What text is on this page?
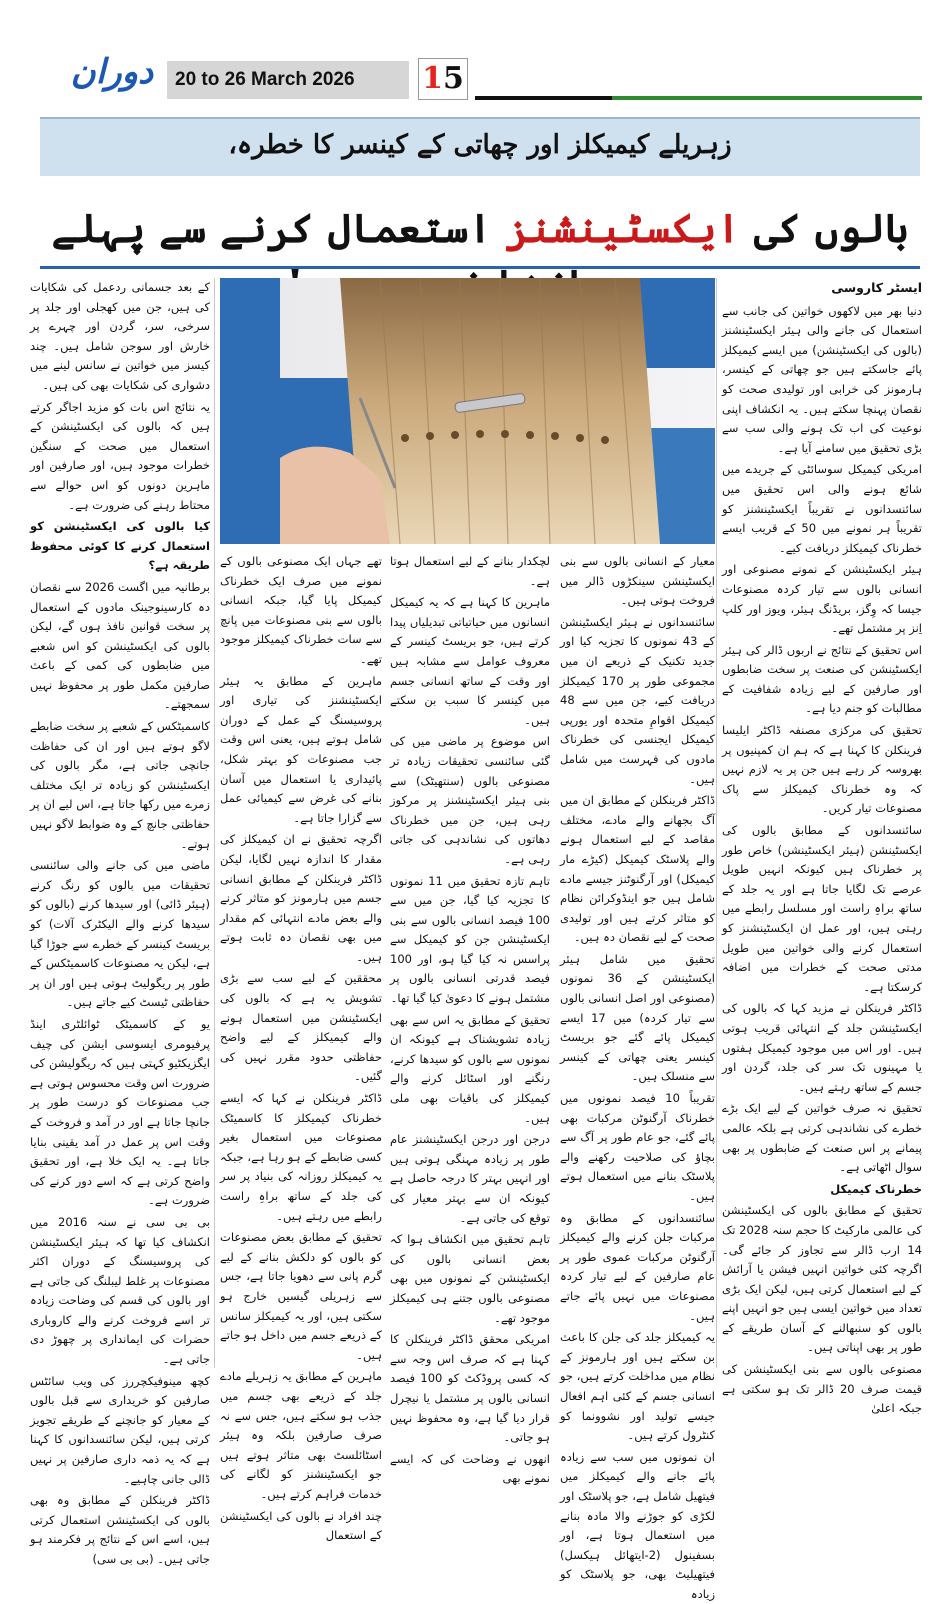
دوران	20 to 26 March 2026	15
زہریلے کیمیکلز اور چھاتی کے کینسر کا خطرہ،
بالوں کی ایکسٹینشنز استعمال کرنے سے پہلے
ایسٹر کاروسی

دنیا بھر میں لاکھوں خواتین کی جانب سے استعمال کی جانے والی ہیئر ایکسٹینشنز (بالوں کی ایکسٹینشن) میں ایسے کیمیکلز پائے جاسکتے ہیں جو چھاتی کے کینسر، ہارمونز کی خرابی اور تولیدی صحت کو نقصان پہنچا سکتے ہیں۔ یہ انکشاف اپنی نوعیت کی اب تک ہونے والی سب سے بڑی تحقیق میں سامنے آیا ہے۔

امریکی کیمیکل سوسائٹی کے جریدے میں شائع ہونے والی اس تحقیق میں سائنسدانوں نے تقریباً ایکسٹینشنز کو تقریباً ہر نمونے میں 50 کے قریب ایسے خطرناک کیمیکلز دریافت کیے۔

ہیئر ایکسٹینشن کے نمونے مصنوعی اور انسانی بالوں سے تیار کردہ مصنوعات جیسا کہ وِگز، بریڈنگ ہیئر، ویوز اور کلپ اِنز پر مشتمل تھے۔

اس تحقیق کے نتائج نے اربوں ڈالر کی ہیئر ایکسٹینشن کی صنعت پر سخت ضابطوں اور صارفین کے لیے زیادہ شفافیت کے مطالبات کو جنم دیا ہے۔

تحقیق کی مرکزی مصنفہ ڈاکٹر ایلیسا فرینکلن کا کہنا ہے کہ ہم ان کمپنیوں پر بھروسہ کر رہے ہیں جن پر یہ لازم نہیں کہ وہ خطرناک کیمیکلز سے پاک مصنوعات تیار کریں۔

سائنسدانوں کے مطابق بالوں کی ایکسٹینشن (ہیئر ایکسٹینشن) خاص طور پر خطرناک ہیں کیونکہ انہیں طویل عرصے تک لگایا جاتا ہے اور یہ جلد کے ساتھ براہِ راست اور مسلسل رابطے میں رہتی ہیں، اور عمل ان ایکسٹینشنز کو استعمال کرنے والی خواتین میں طویل مدتی صحت کے خطرات میں اضافہ کرسکتا ہے۔

ڈاکٹر فرینکلن نے مزید کہا کہ بالوں کی ایکسٹینشن جلد کے انتہائی قریب ہوتی ہیں۔ اور اس میں موجود کیمیکل ہفتوں یا مہینوں تک سر کی جلد، گردن اور جسم کے ساتھ رہتے ہیں۔

تحقیق نہ صرف خواتین کے لیے ایک بڑے خطرے کی نشاندہی کرتی ہے بلکہ عالمی پیمانے پر اس صنعت کے ضابطوں پر بھی سوال اٹھاتی ہے۔

خطرناک کیمیکل

تحقیق کے مطابق بالوں کی ایکسٹینشن کی عالمی مارکیٹ کا حجم سنہ 2028 تک 14 ارب ڈالر سے تجاوز کر جائے گی۔ اگرچہ کئی خواتین انہیں فیشن یا آرائش کے لیے استعمال کرتی ہیں، لیکن ایک بڑی تعداد میں خواتین ایسی ہیں جو انہیں اپنے بالوں کو سنبھالنے کے آسان طریقے کے طور پر بھی اپناتی ہیں۔

مصنوعی بالوں سے بنی ایکسٹینشن کی قیمت صرف 20 ڈالر تک ہو سکتی ہے جبکہ اعلیٰ

معیار کے انسانی بالوں سے بنی ایکسٹینشن سینکڑوں ڈالر میں فروخت ہوتی ہیں۔

سائنسدانوں نے ہیئر ایکسٹینشن کے 43 نمونوں کا تجزیہ کیا اور جدید تکنیک کے ذریعے ان میں مجموعی طور پر 170 کیمیکلز دریافت کیے، جن میں سے 48 کیمیکل اقوامِ متحدہ اور یورپی کیمیکل ایجنسی کی خطرناک مادوں کی فہرست میں شامل ہیں۔

ڈاکٹر فرینکلن کے مطابق ان میں آگ بجھانے والے مادے، مختلف مقاصد کے لیے استعمال ہونے والے پلاسٹک کیمیکل (کیڑے مار کیمیکل) اور آرگنوٹنز جیسے مادے شامل ہیں جو اینڈوکرائن نظام کو متاثر کرتے ہیں اور تولیدی صحت کے لیے نقصان دہ ہیں۔

تحقیق میں شامل ہیئر ایکسٹینشن کے 36 نمونوں (مصنوعی اور اصل انسانی بالوں سے تیار کردہ) میں 17 ایسے کیمیکل پائے گئے جو بریسٹ کینسر یعنی چھاتی کے کینسر سے منسلک ہیں۔

تقریباً 10 فیصد نمونوں میں خطرناک آرگنوٹن مرکبات بھی پائے گئے، جو عام طور پر آگ سے بچاؤ کی صلاحیت رکھنے والے پلاسٹک بنانے میں استعمال ہوتے ہیں۔

سائنسدانوں کے مطابق وہ مرکبات جلن کرنے والے کیمیکلز آرگنوٹن مرکبات عموی طور پر عام صارفین کے لیے تیار کردہ مصنوعات میں نہیں پائے جاتے ہیں۔

یہ کیمیکلز جلد کی جلن کا باعث بن سکتے ہیں اور ہارمونز کے نظام میں مداخلت کرتے ہیں، جو انسانی جسم کے کئی اہم افعال جیسے تولید اور نشوونما کو کنٹرول کرتے ہیں۔

ان نمونوں میں سب سے زیادہ پائے جانے والے کیمیکلز میں فیتھیل شامل ہے، جو پلاسٹک اور لکڑی کو جوڑنے والا مادہ بنانے میں استعمال ہوتا ہے، اور بسفینول (2-ایتھائل ہیکسل) فیتھیلیٹ بھی، جو پلاسٹک کو زیادہ

لچکدار بنانے کے لیے استعمال ہوتا ہے۔

ماہرین کا کہنا ہے کہ یہ کیمیکل انسانوں میں حیاتیاتی تبدیلیاں پیدا کرتے ہیں، جو بریسٹ کینسر کے معروف عوامل سے مشابہ ہیں اور وقت کے ساتھ انسانی جسم میں کینسر کا سبب بن سکتے ہیں۔

اس موضوع پر ماضی میں کی گئی سائنسی تحقیقات زیادہ تر مصنوعی بالوں (سنتھیٹک) سے بنی ہیئر ایکسٹینشنز پر مرکوز رہی ہیں، جن میں خطرناک دھاتوں کی نشاندہی کی جاتی رہی ہے۔

تاہم تازہ تحقیق میں 11 نمونوں کا تجزیہ کیا گیا، جن میں سے 100 فیصد انسانی بالوں سے بنی ایکسٹینشن جن کو کیمیکل سے پراسس نہ کیا گیا ہو، اور 100 فیصد قدرتی انسانی بالوں پر مشتمل ہونے کا دعویٰ کیا گیا تھا۔

تحقیق کے مطابق یہ اس سے بھی زیادہ تشویشناک ہے کیونکہ ان نمونوں سے بالوں کو سیدھا کرنے، رنگنے اور اسٹائل کرنے والے کیمیکلز کی باقیات بھی ملی ہیں۔

درجن اور درجن ایکسٹینشنز عام طور پر زیادہ مہنگی ہوتی ہیں اور انہیں بہتر کا درجہ حاصل ہے کیونکہ ان سے بہتر معیار کی توقع کی جاتی ہے۔

تاہم تحقیق میں انکشاف ہوا کہ بعض انسانی بالوں کی ایکسٹینشن کے نمونوں میں بھی مصنوعی بالوں جتنے ہی کیمیکلز موجود تھے۔

امریکی محقق ڈاکٹر فرینکلن کا کہنا ہے کہ صرف اس وجہ سے کہ کسی پروڈکٹ کو 100 فیصد انسانی بالوں پر مشتمل یا نیچرل قرار دیا گیا ہے، وہ محفوظ نہیں ہو جاتی۔

انھوں نے وضاحت کی کہ ایسے نمونے بھی

تھے جہاں ایک مصنوعی بالوں کے نمونے میں صرف ایک خطرناک کیمیکل پایا گیا، جبکہ انسانی بالوں سے بنی مصنوعات میں پانچ سے سات خطرناک کیمیکلز موجود تھے۔

ماہرین کے مطابق یہ ہیئر ایکسٹینشنز کی تیاری اور پروسیسنگ کے عمل کے دوران شامل ہوتے ہیں، یعنی اس وقت جب مصنوعات کو بہتر شکل، پائیداری یا استعمال میں آسان بنانے کی غرض سے کیمیائی عمل سے گزارا جاتا ہے۔

اگرچہ تحقیق نے ان کیمیکلز کی مقدار کا اندازہ نہیں لگایا، لیکن ڈاکٹر فرینکلن کے مطابق انسانی جسم میں ہارمونز کو متاثر کرنے والے بعض مادے انتہائی کم مقدار میں بھی نقصان دہ ثابت ہوتے ہیں۔

محققین کے لیے سب سے بڑی تشویش یہ ہے کہ بالوں کی ایکسٹینشن میں استعمال ہونے والے کیمیکلز کے لیے واضح حفاظتی حدود مقرر نہیں کی گئیں۔

ڈاکٹر فرینکلن نے کہا کہ ایسے خطرناک کیمیکلز کا کاسمیٹک مصنوعات میں استعمال بغیر کسی ضابطے کے ہو رہا ہے، جبکہ یہ کیمیکلز روزانہ کی بنیاد پر سر کی جلد کے ساتھ براہِ راست رابطے میں رہتے ہیں۔

تحقیق کے مطابق بعض مصنوعات کو بالوں کو دلکش بنانے کے لیے گرم پانی سے دھویا جاتا ہے، جس سے زہریلی گیسیں خارج ہو سکتی ہیں، اور یہ کیمیکلز سانس کے ذریعے جسم میں داخل ہو جاتے ہیں۔

ماہرین کے مطابق یہ زہریلے مادے جلد کے ذریعے بھی جسم میں جذب ہو سکتے ہیں، جس سے نہ صرف صارفین بلکہ وہ ہیئر اسٹائلسٹ بھی متاثر ہوتے ہیں جو ایکسٹینشنز کو لگانے کی خدمات فراہم کرتے ہیں۔

چند افراد نے بالوں کی ایکسٹینشن کے استعمال

کے بعد جسمانی ردعمل کی شکایات کی ہیں، جن میں کھجلی اور جلد پر سرخی، سر، گردن اور چہرے پر خارش اور سوجن شامل ہیں۔ چند کیسز میں خواتین نے سانس لینے میں دشواری کی شکایات بھی کی ہیں۔

یہ نتائج اس بات کو مزید اجاگر کرتے ہیں کہ بالوں کی ایکسٹینشن کے استعمال میں صحت کے سنگین خطرات موجود ہیں، اور صارفین اور ماہرین دونوں کو اس حوالے سے محتاط رہنے کی ضرورت ہے۔

کیا بالوں کی ایکسٹینشن کو استعمال کرنے کا کوئی محفوظ طریقہ ہے؟

برطانیہ میں اگست 2026 سے نقصان دہ کارسینوجینک مادوں کے استعمال پر سخت قوانین نافذ ہوں گے، لیکن بالوں کی ایکسٹینشن کو اس شعبے میں ضابطوں کی کمی کے باعث صارفین مکمل طور پر محفوظ نہیں سمجھتے۔

کاسمیٹکس کے شعبے پر سخت ضابطے لاگو ہوتے ہیں اور ان کی حفاظت جانچی جاتی ہے، مگر بالوں کی ایکسٹینشن کو زیادہ تر ایک مختلف زمرے میں رکھا جاتا ہے، اس لیے ان پر حفاظتی جانچ کے وہ ضوابط لاگو نہیں ہوتے۔

ماضی میں کی جانے والی سائنسی تحقیقات میں بالوں کو رنگ کرنے (ہیئر ڈائی) اور سیدھا کرنے (بالوں کو سیدھا کرنے والے الیکٹرک آلات) کو بریسٹ کینسر کے خطرے سے جوڑا گیا ہے، لیکن یہ مصنوعات کاسمیٹکس کے طور پر ریگولیٹ ہوتی ہیں اور ان پر حفاظتی ٹیسٹ کیے جاتے ہیں۔

یو کے کاسمیٹک ٹوائلٹری اینڈ پرفیومری ایسوسی ایشن کی چیف ایگزیکٹیو کہتی ہیں کہ ریگولیشن کی ضرورت اس وقت محسوس ہوتی ہے جب مصنوعات کو درست طور پر جانچا جاتا ہے اور در آمد و فروخت کے وقت اس پر عمل در آمد یقینی بنایا جاتا ہے۔ یہ ایک خلا ہے، اور تحقیق واضح کرتی ہے کہ اسے دور کرنے کی ضرورت ہے۔

بی بی سی نے سنہ 2016 میں انکشاف کیا تھا کہ ہیئر ایکسٹینشن کی پروسیسنگ کے دوران اکثر مصنوعات پر غلط لیبلنگ کی جاتی ہے اور بالوں کی قسم کی وضاحت زیادہ تر اسے فروخت کرنے والے کاروباری حضرات کی ایمانداری پر چھوڑ دی جاتی ہے۔

کچھ مینوفیکچررز کی ویب سائٹس صارفین کو خریداری سے قبل بالوں کے معیار کو جانچنے کے طریقے تجویز کرتی ہیں، لیکن سائنسدانوں کا کہنا ہے کہ یہ ذمہ داری صارفین پر نہیں ڈالی جانی چاہیے۔

ڈاکٹر فرینکلن کے مطابق وہ بھی بالوں کی ایکسٹینشن استعمال کرتی ہیں، اسے اس کے نتائج پر فکرمند ہو جاتی ہیں۔ (بی بی سی)
